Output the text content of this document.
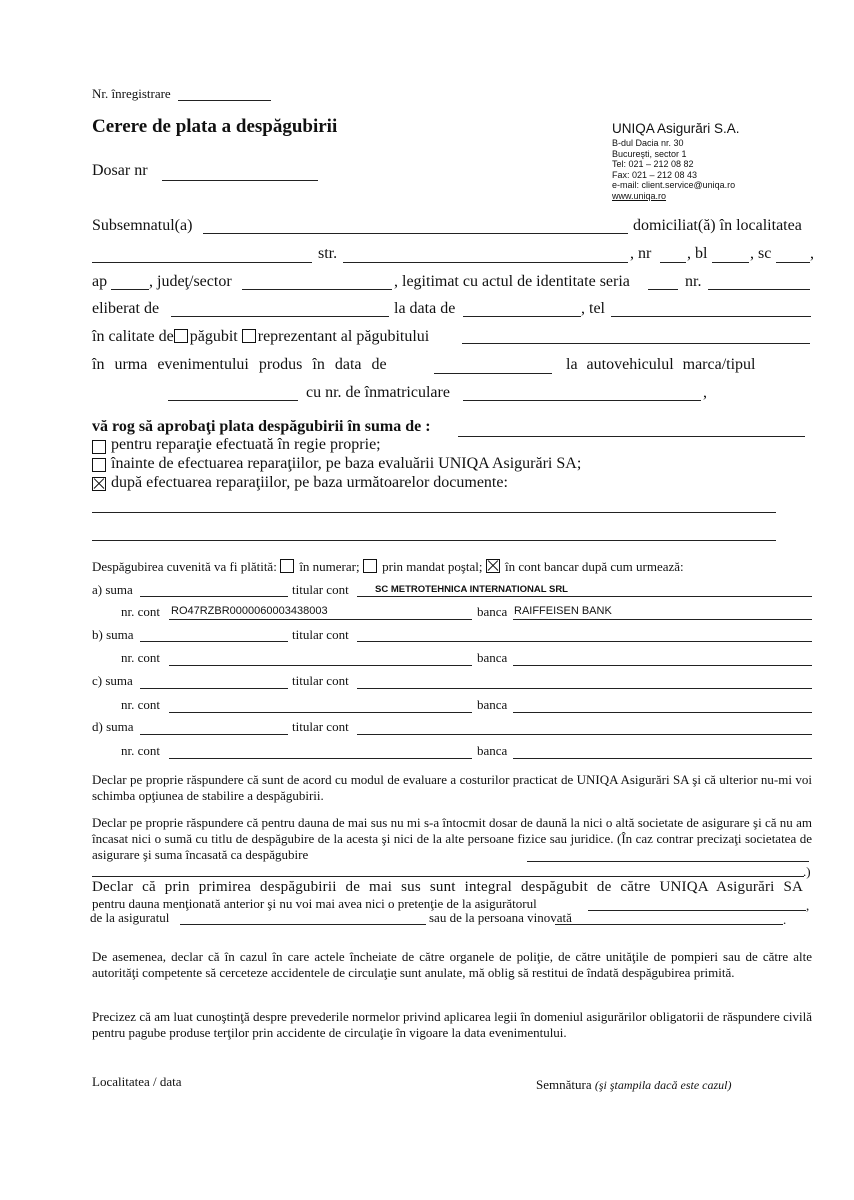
Nr. înregistrare
Cerere de plata a despăgubirii
Dosar nr
UNIQA Asigurări S.A.
B-dul Dacia nr. 30
Bucureşti, sector 1
Tel: 021 – 212 08 82
Fax: 021 – 212 08 43
e-mail: client.service@uniqa.ro
www.uniqa.ro
Subsemnatul(a)	domiciliat(ă) în localitatea
str.	, nr , bl	, sc ,
ap	, judeţ/sector	, legitimat cu actul de identitate seria	nr.
eliberat de	la data de	, tel
în calitate de păgubit reprezentant al păgubitului
în urma evenimentului produs în data de	la autovehiculul marca/tipul
cu nr. de înmatriculare	,
vă rog să aprobaţi plata despăgubirii în suma de :
pentru reparaţie efectuată în regie proprie;
înainte de efectuarea reparaţiilor, pe baza evaluării UNIQA Asigurări SA;
după efectuarea reparaţiilor, pe baza următoarelor documente:
Despăgubirea cuvenită va fi plătită: în numerar; prin mandat poştal; în cont bancar după cum urmează:
a) suma	titular cont	SC METROTEHNICA INTERNATIONAL SRL
nr. cont RO47RZBR0000060003438003	banca RAIFFEISEN BANK
b) suma	titular cont
nr. cont	banca
c) suma	titular cont
nr. cont	banca
d) suma	titular cont
nr. cont	banca
Declar pe proprie răspundere că sunt de acord cu modul de evaluare a costurilor practicat de UNIQA Asigurări SA şi că ulterior nu-mi voi schimba opţiunea de stabilire a despăgubirii.
Declar pe proprie răspundere că pentru dauna de mai sus nu mi s-a întocmit dosar de daună la nici o altă societate de asigurare şi că nu am încasat nici o sumă cu titlu de despăgubire de la acesta şi nici de la alte persoane fizice sau juridice. (În caz contrar precizaţi societatea de asigurare şi suma încasată ca despăgubire
.)
Declar că prin primirea despăgubirii de mai sus sunt integral despăgubit de către UNIQA Asigurări SA
pentru dauna menţionată anterior şi nu voi mai avea nici o pretenţie de la asigurătorul	,
de la asiguratul	sau de la persoana vinovată	.
De asemenea, declar că în cazul în care actele încheiate de către organele de poliţie, de către unităţile de pompieri sau de către alte autorităţi competente să cerceteze accidentele de circulaţie sunt anulate, mă oblig să restitui de îndată despăgubirea primită.
Precizez că am luat cunoştinţă despre prevederile normelor privind aplicarea legii în domeniul asigurărilor obligatorii de răspundere civilă pentru pagube produse terţilor prin accidente de circulaţie în vigoare la data evenimentului.
Localitatea / data	Semnătura (şi ştampila dacă este cazul)
